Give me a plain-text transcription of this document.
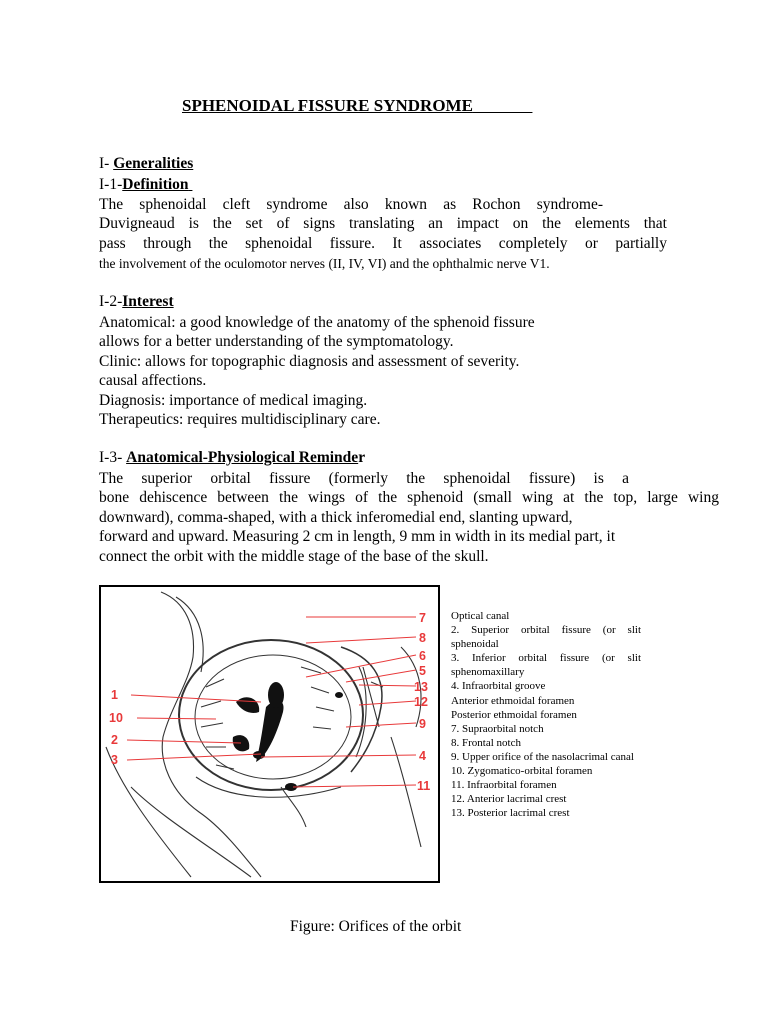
SPHENOIDAL FISSURE SYNDROME
I- Generalities
I-1-Definition
The sphenoidal cleft syndrome also known as Rochon syndrome-
Duvigneaud is the set of signs translating an impact on the elements that
pass through the sphenoidal fissure. It associates completely or partially
the involvement of the oculomotor nerves (II, IV, VI) and the ophthalmic nerve V1.
I-2-Interest
Anatomical: a good knowledge of the anatomy of the sphenoid fissure
allows for a better understanding of the symptomatology.
Clinic: allows for topographic diagnosis and assessment of severity.
causal affections.
Diagnosis: importance of medical imaging.
Therapeutics: requires multidisciplinary care.
I-3- Anatomical-Physiological Reminder
The superior orbital fissure (formerly the sphenoidal fissure) is a
bone dehiscence between the wings of the sphenoid (small wing at the top, large wing
downward), comma-shaped, with a thick inferomedial end, slanting upward,
forward and upward. Measuring 2 cm in length, 9 mm in width in its medial part, it
connect the orbit with the middle stage of the base of the skull.
1
10
2
3
7
8
6
5
13
12
9
4
11
Optical canal
2. Superior orbital fissure (or slit
sphenoidal
3. Inferior orbital fissure (or slit
sphenomaxillary
4. Infraorbital groove
Anterior ethmoidal foramen
Posterior ethmoidal foramen
7. Supraorbital notch
8. Frontal notch
9. Upper orifice of the nasolacrimal canal
10. Zygomatico-orbital foramen
11. Infraorbital foramen
12. Anterior lacrimal crest
13. Posterior lacrimal crest
Figure: Orifices of the orbit
